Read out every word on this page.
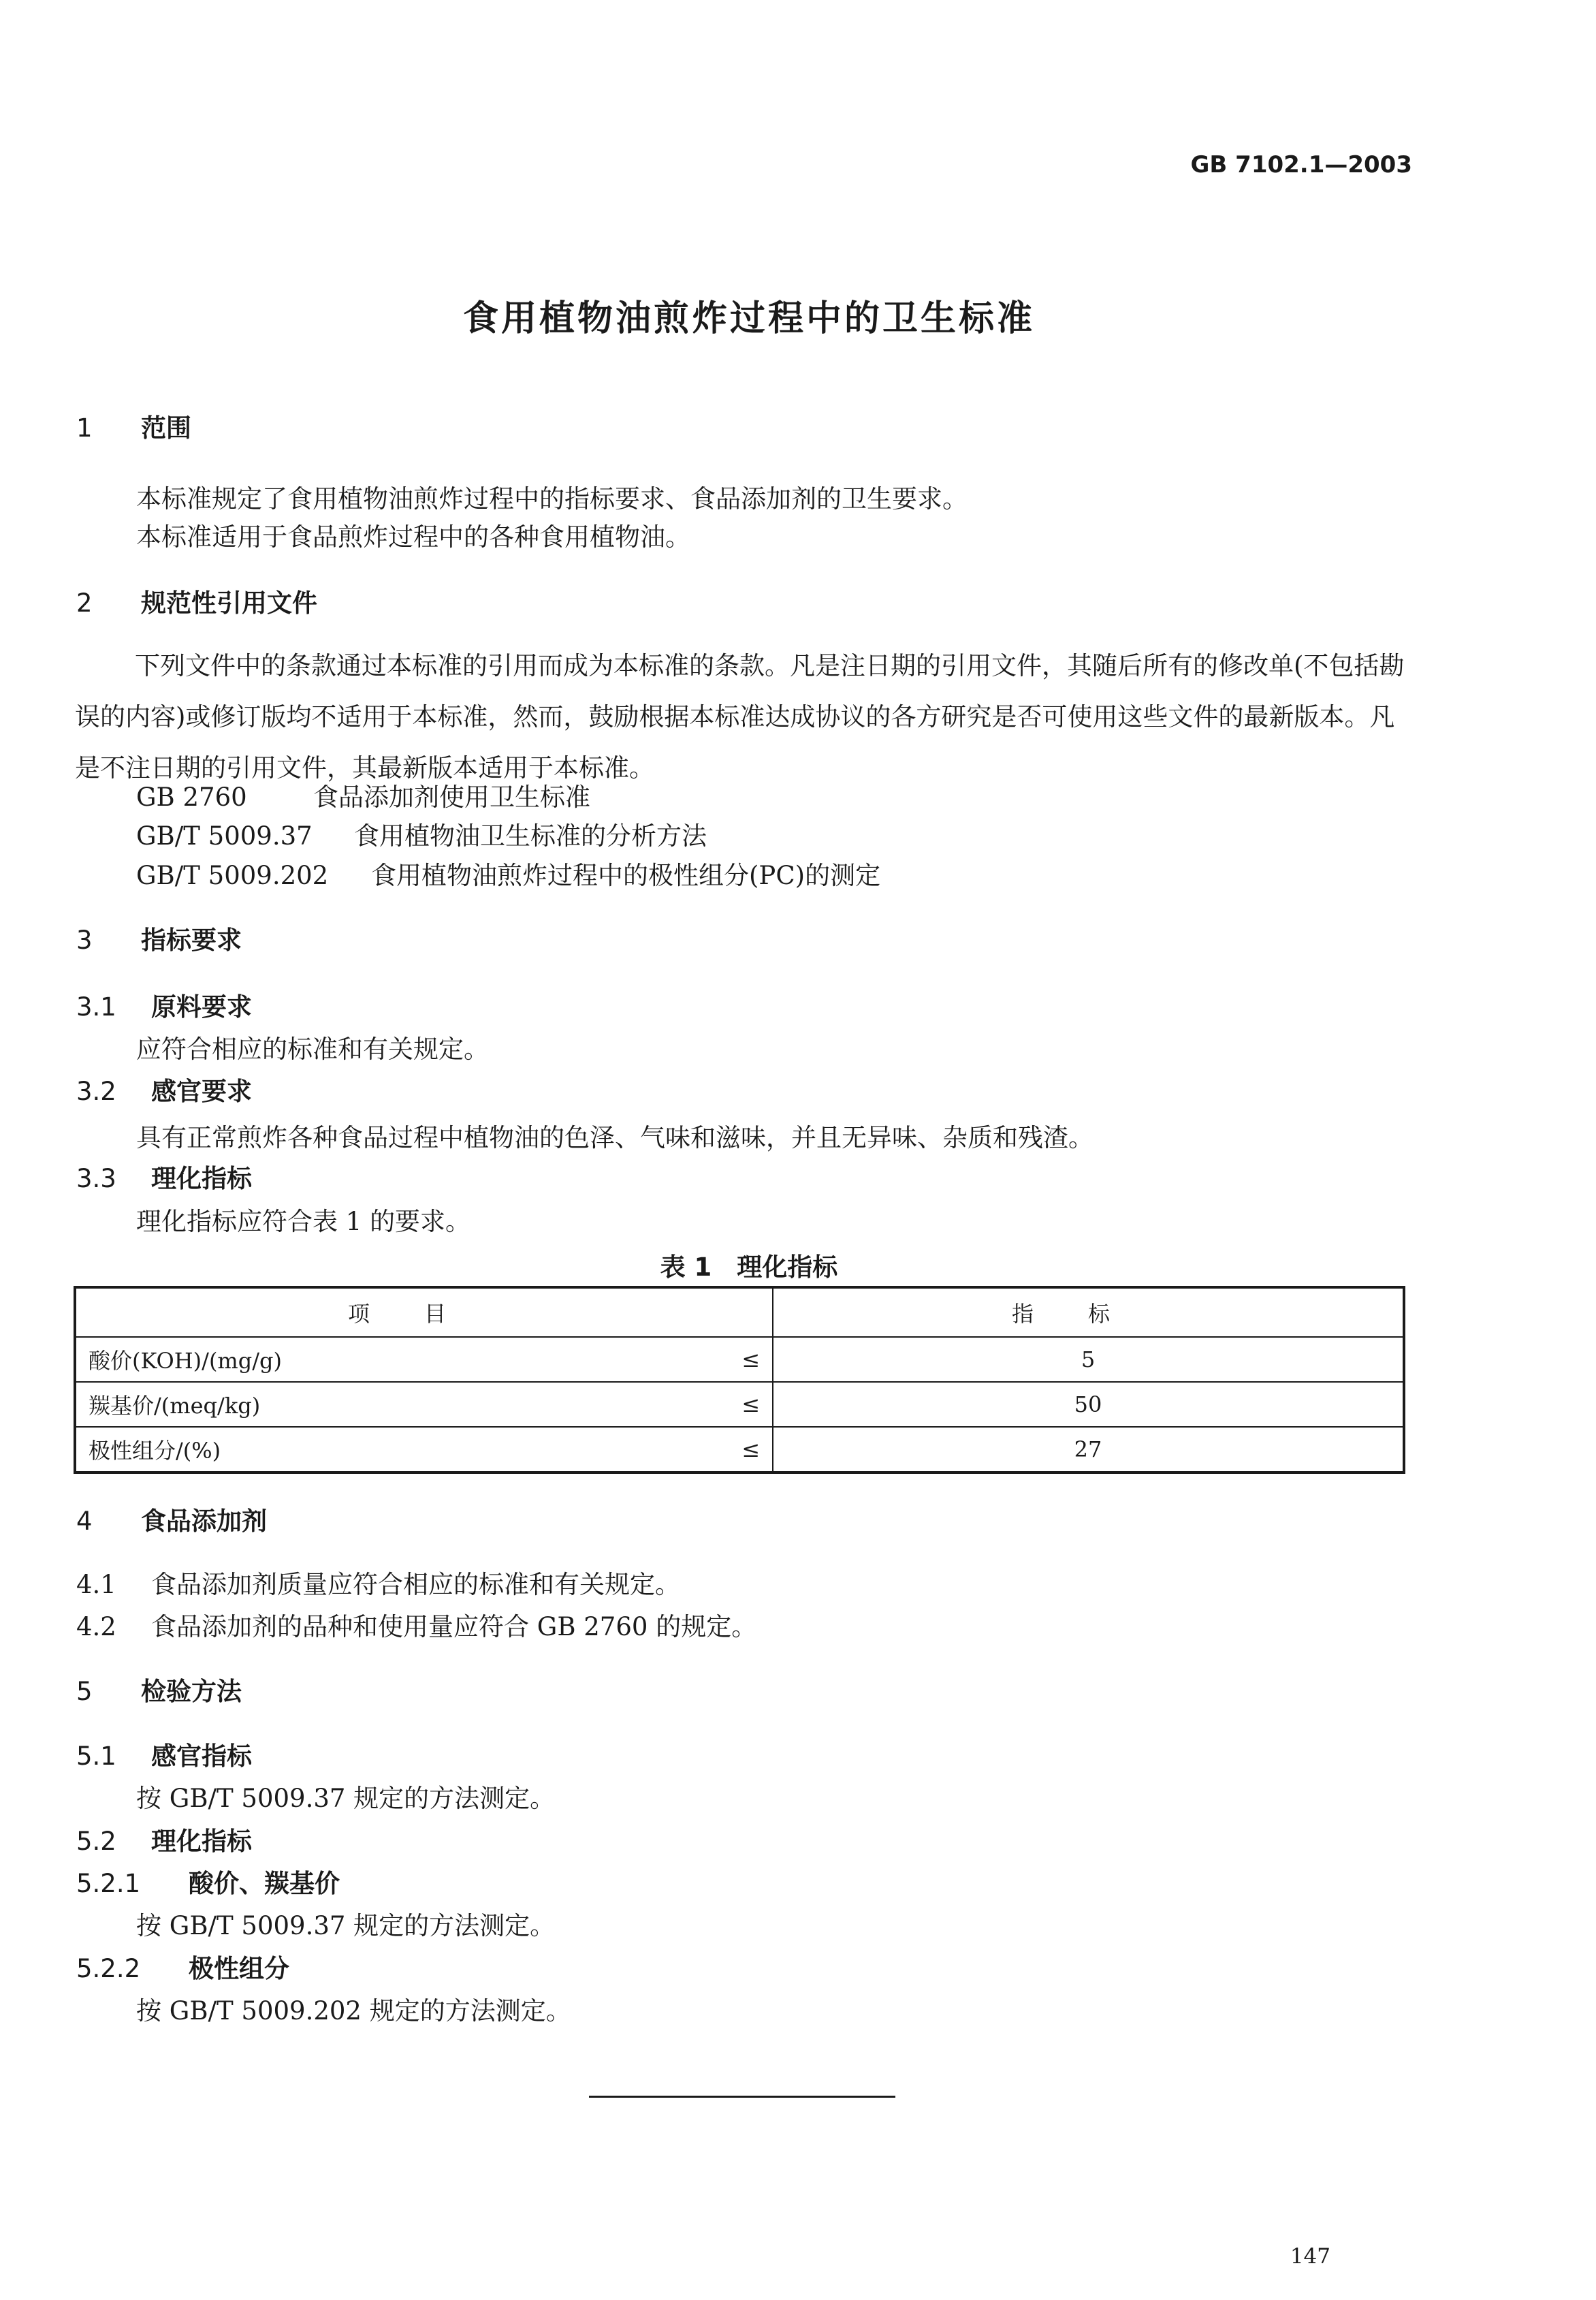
GB 7102.1—2003
食用植物油煎炸过程中的卫生标准
1 范围
本标准规定了食用植物油煎炸过程中的指标要求、食品添加剂的卫生要求。
本标准适用于食品煎炸过程中的各种食用植物油。
2 规范性引用文件
下列文件中的条款通过本标准的引用而成为本标准的条款。凡是注日期的引用文件，其随后所有的修改单(不包括勘误的内容)或修订版均不适用于本标准，然而，鼓励根据本标准达成协议的各方研究是否可使用这些文件的最新版本。凡是不注日期的引用文件，其最新版本适用于本标准。
GB 2760	食品添加剂使用卫生标准
GB/T 5009.37 食用植物油卫生标准的分析方法
GB/T 5009.202 食用植物油煎炸过程中的极性组分(PC)的测定
3 指标要求
3.1 原料要求
应符合相应的标准和有关规定。
3.2 感官要求
具有正常煎炸各种食品过程中植物油的色泽、气味和滋味，并且无异味、杂质和残渣。
3.3 理化指标
理化指标应符合表 1 的要求。
表 1　理化指标
项目		指标
酸价(KOH)/(mg/g)	≤	5
羰基价/(meq/kg)	≤	50
极性组分/(%)	≤	27
4 食品添加剂
4.1 食品添加剂质量应符合相应的标准和有关规定。
4.2 食品添加剂的品种和使用量应符合 GB 2760 的规定。
5 检验方法
5.1 感官指标
按 GB/T 5009.37 规定的方法测定。
5.2 理化指标
5.2.1 酸价、羰基价
按 GB/T 5009.37 规定的方法测定。
5.2.2 极性组分
按 GB/T 5009.202 规定的方法测定。
147
